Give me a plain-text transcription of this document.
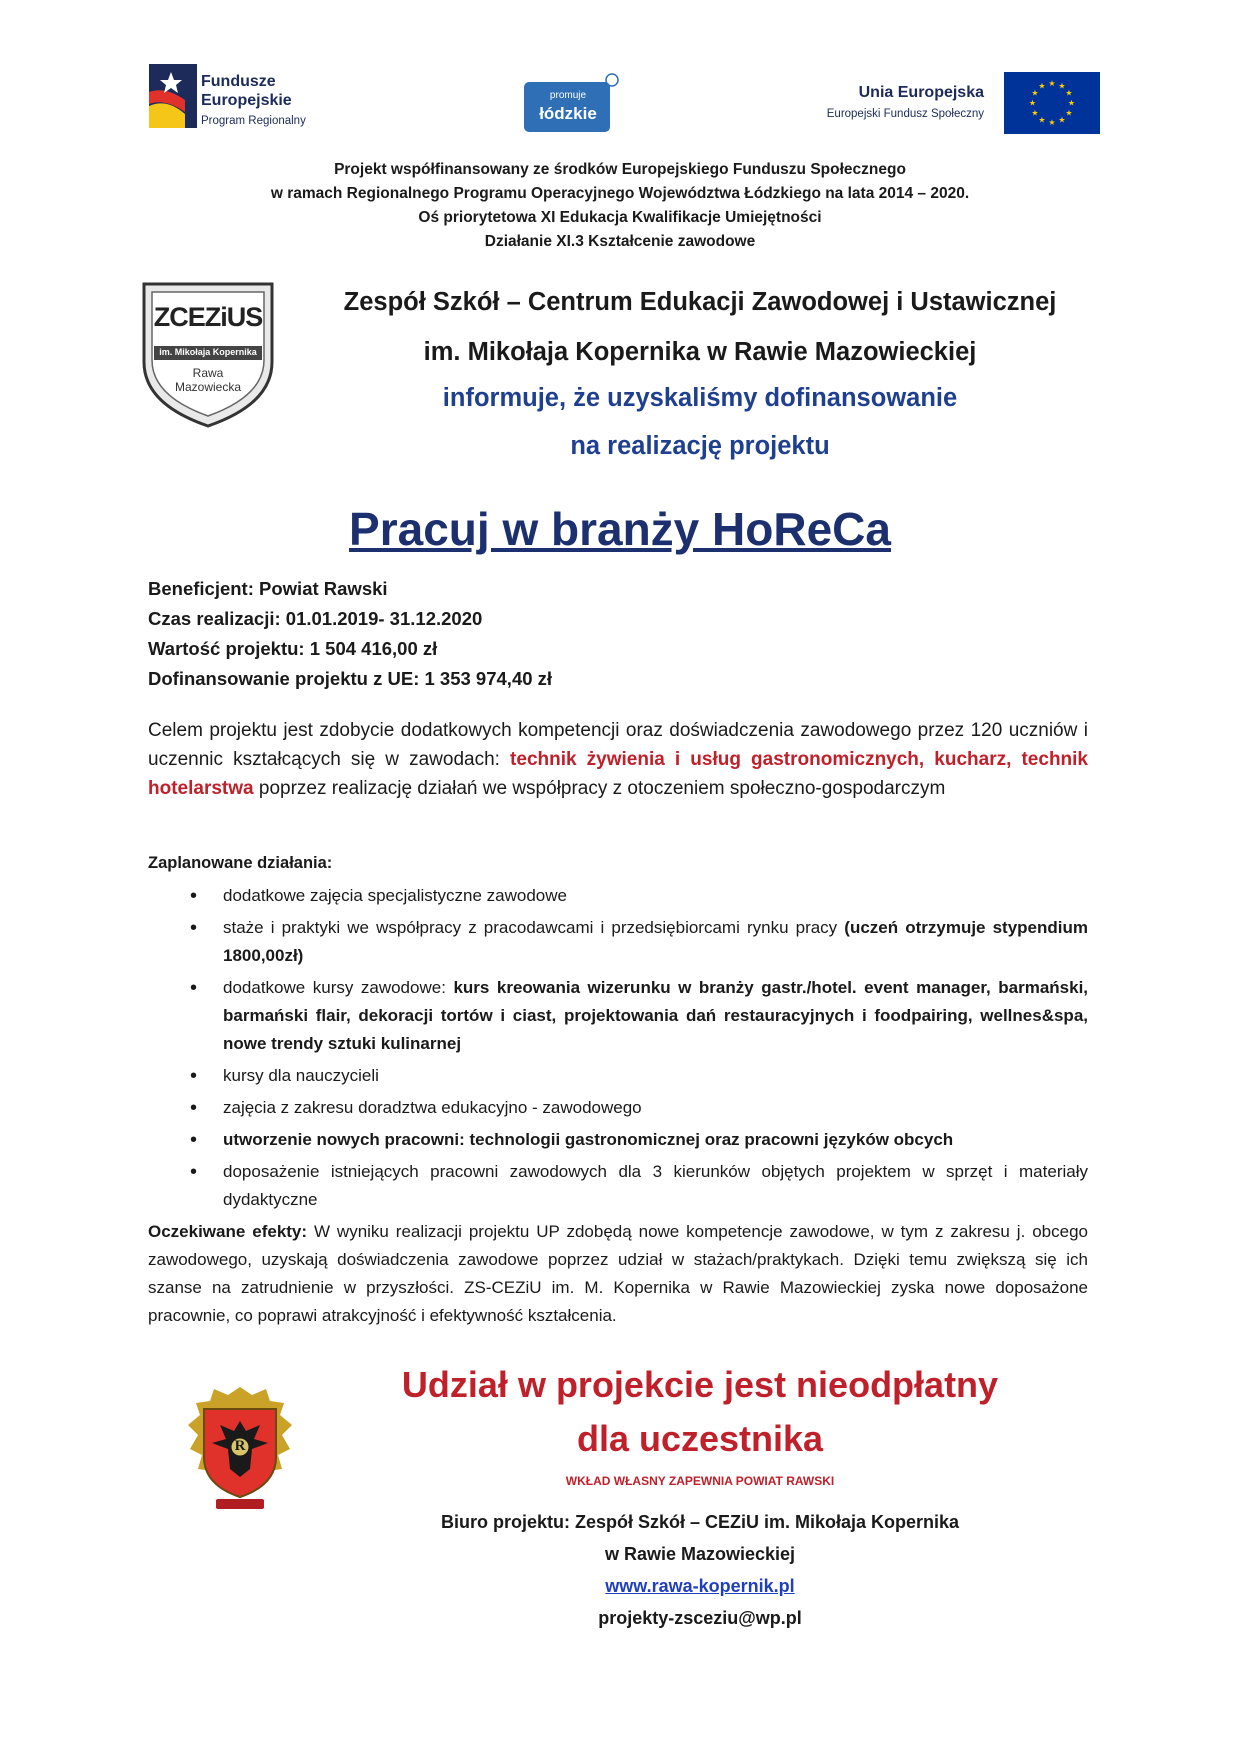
Fundusze
Europejskie
Program Regionalny
promuje
łódzkie
Unia Europejska
Europejski Fundusz Społeczny
★ ★
★
★
★
★
★
★
★
★
★
★
Projekt współfinansowany ze środków Europejskiego Funduszu Społecznego
w ramach Regionalnego Programu Operacyjnego Województwa Łódzkiego na lata 2014 – 2020.
Oś priorytetowa XI Edukacja Kwalifikacje Umiejętności
Działanie XI.3 Kształcenie zawodowe
ZCEZiUS
im. Mikołaja Kopernika
Rawa
Mazowiecka
Zespół Szkół – Centrum Edukacji Zawodowej i Ustawicznej
im. Mikołaja Kopernika w Rawie Mazowieckiej
informuje, że uzyskaliśmy dofinansowanie
na realizację projektu
Pracuj w branży HoReCa
Beneficjent: Powiat Rawski
Czas realizacji: 01.01.2019- 31.12.2020
Wartość projektu: 1 504 416,00 zł
Dofinansowanie projektu z UE: 1 353 974,40 zł
Celem projektu jest zdobycie dodatkowych kompetencji oraz doświadczenia zawodowego przez 120 uczniów i uczennic kształcących się w zawodach: technik żywienia i usług gastronomicznych, kucharz, technik hotelarstwa poprzez realizację działań we współpracy z otoczeniem społeczno-gospodarczym
Zaplanowane działania:
• dodatkowe zajęcia specjalistyczne zawodowe
• staże i praktyki we współpracy z pracodawcami i przedsiębiorcami rynku pracy (uczeń otrzymuje stypendium 1800,00zł)
• dodatkowe kursy zawodowe: kurs kreowania wizerunku w branży gastr./hotel. event manager, barmański, barmański flair, dekoracji tortów i ciast, projektowania dań restauracyjnych i foodpairing, wellnes&spa, nowe trendy sztuki kulinarnej
• kursy dla nauczycieli
• zajęcia z zakresu doradztwa edukacyjno - zawodowego
• utworzenie nowych pracowni: technologii gastronomicznej oraz pracowni języków obcych
• doposażenie istniejących pracowni zawodowych dla 3 kierunków objętych projektem w sprzęt i materiały dydaktyczne
Oczekiwane efekty: W wyniku realizacji projektu UP zdobędą nowe kompetencje zawodowe, w tym z zakresu j. obcego zawodowego, uzyskają doświadczenia zawodowe poprzez udział w stażach/praktykach. Dzięki temu zwiększą się ich szanse na zatrudnienie w przyszłości. ZS-CEZiU im. M. Kopernika w Rawie Mazowieckiej zyska nowe doposażone pracownie, co poprawi atrakcyjność i efektywność kształcenia.
R
Udział w projekcie jest nieodpłatny
dla uczestnika
WKŁAD WŁASNY ZAPEWNIA POWIAT RAWSKI
Biuro projektu: Zespół Szkół – CEZiU im. Mikołaja Kopernika
w Rawie Mazowieckiej
www.rawa-kopernik.pl
projekty-zsceziu@wp.pl
